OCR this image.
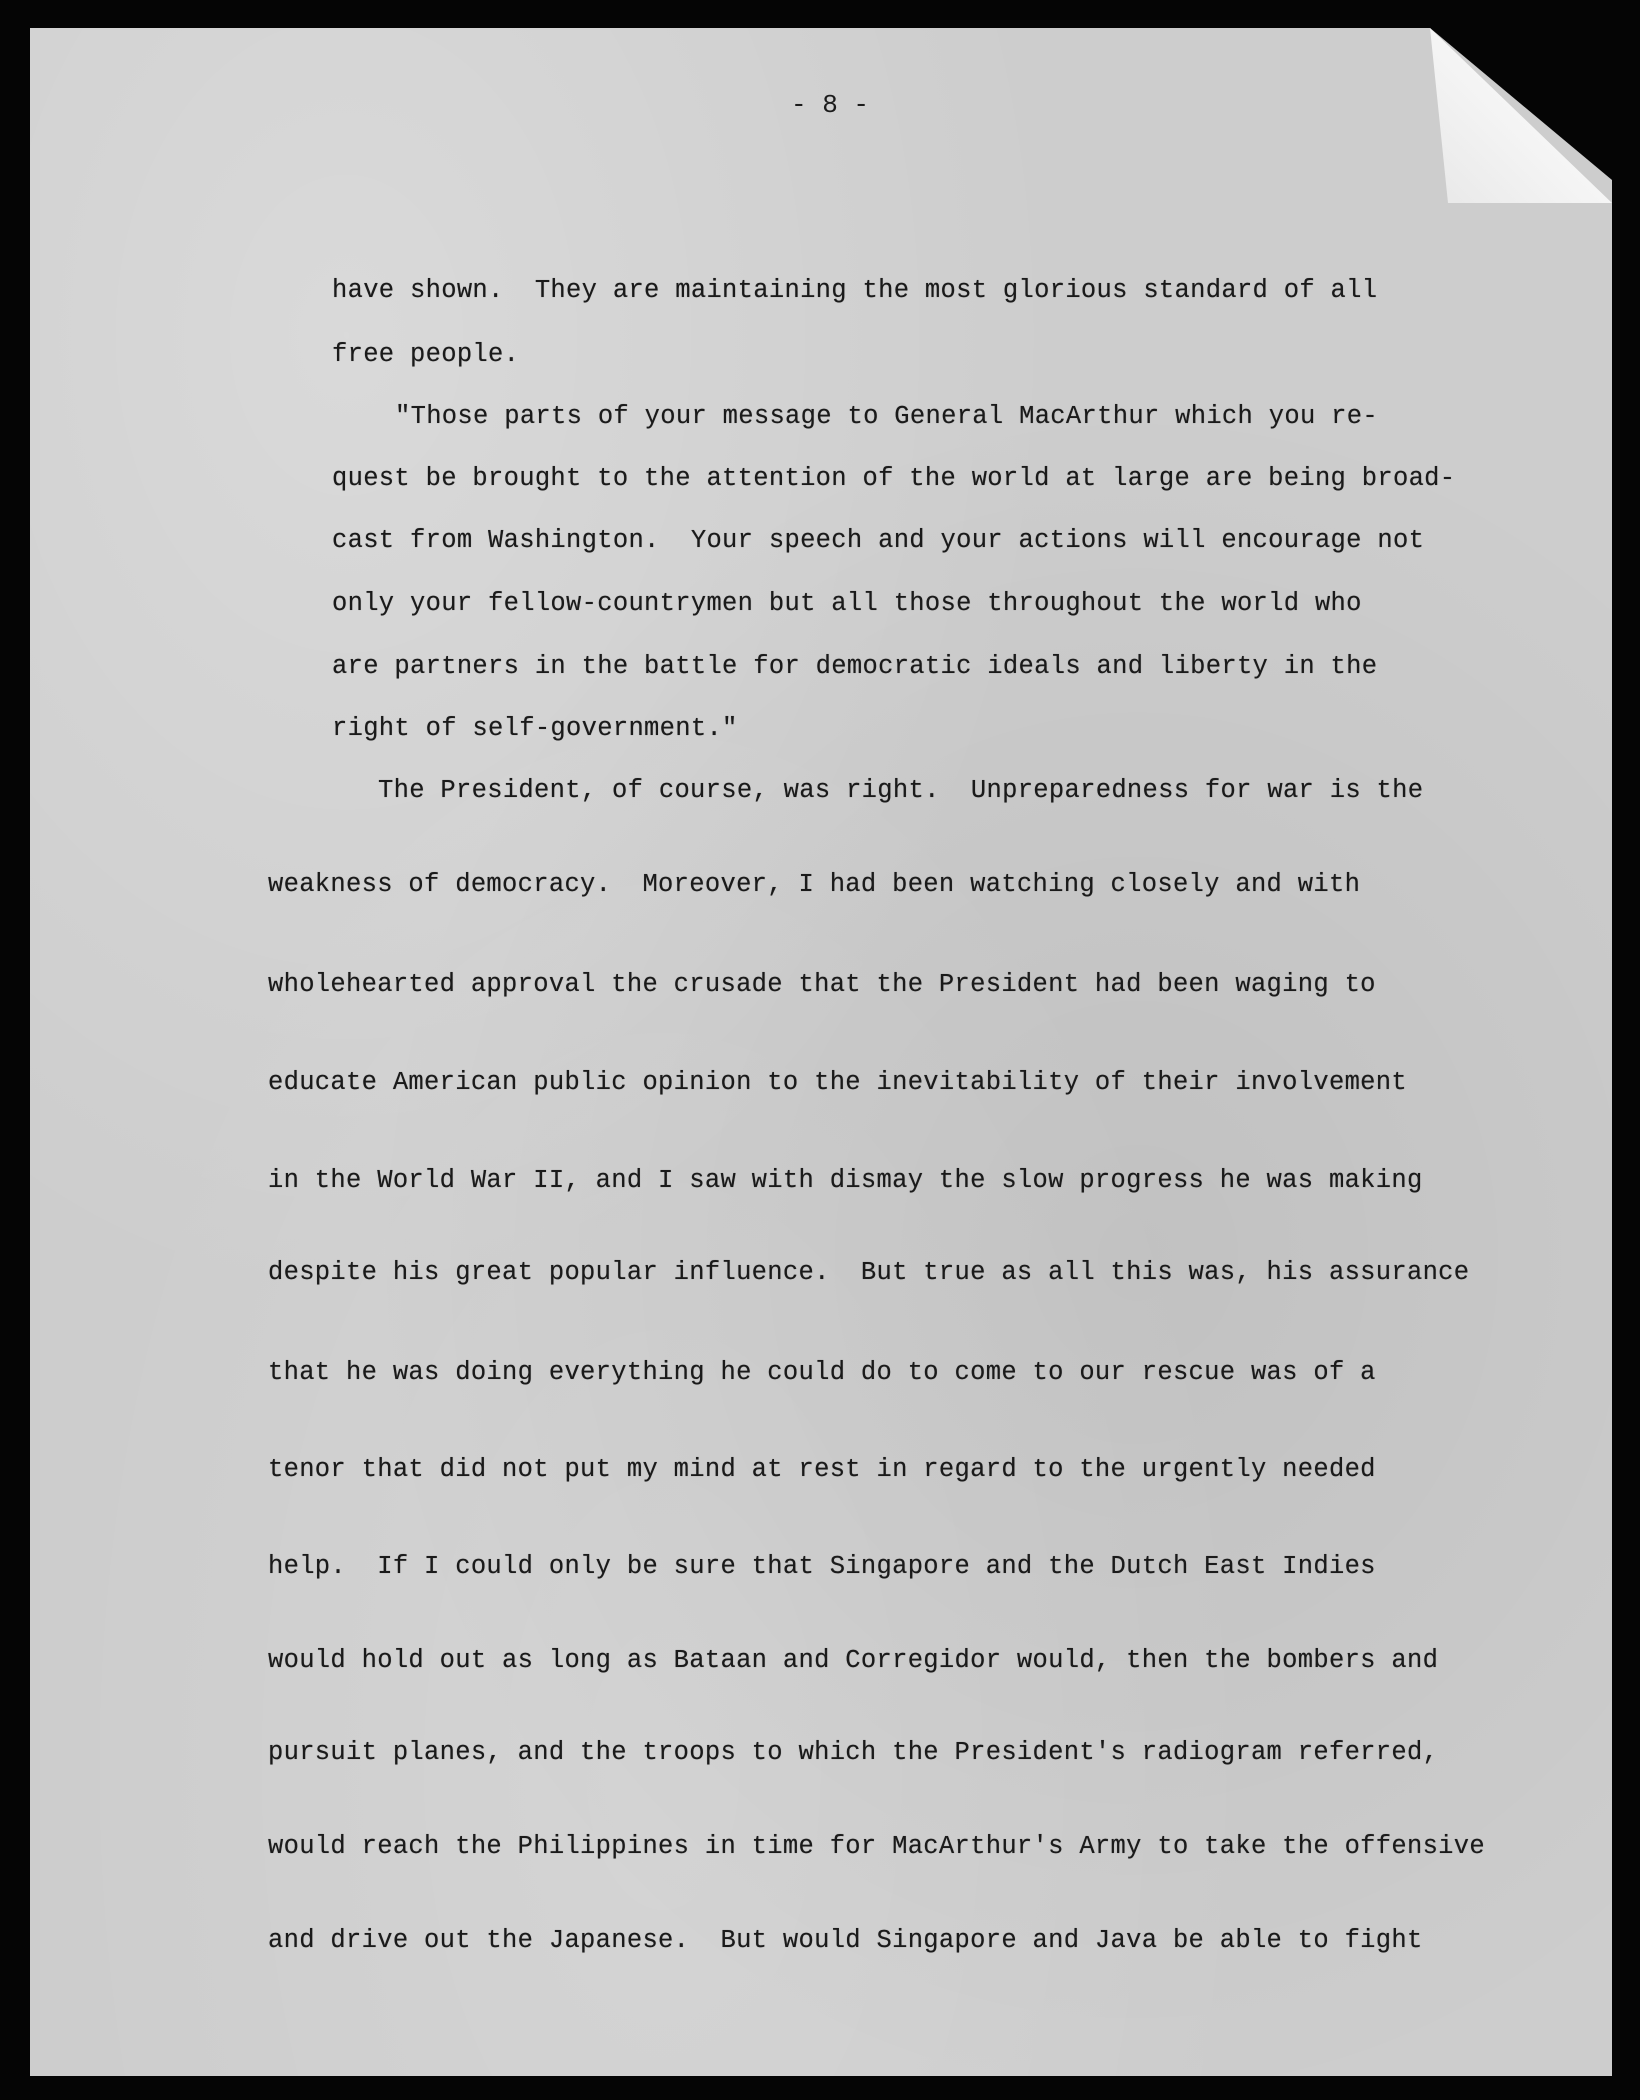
- 8 -
have shown.  They are maintaining the most glorious standard of all
free people.
"Those parts of your message to General MacArthur which you re-
quest be brought to the attention of the world at large are being broad-
cast from Washington.  Your speech and your actions will encourage not
only your fellow-countrymen but all those throughout the world who
are partners in the battle for democratic ideals and liberty in the
right of self-government."
The President, of course, was right.  Unpreparedness for war is the
weakness of democracy.  Moreover, I had been watching closely and with
wholehearted approval the crusade that the President had been waging to
educate American public opinion to the inevitability of their involvement
in the World War II, and I saw with dismay the slow progress he was making
despite his great popular influence.  But true as all this was, his assurance
that he was doing everything he could do to come to our rescue was of a
tenor that did not put my mind at rest in regard to the urgently needed
help.  If I could only be sure that Singapore and the Dutch East Indies
would hold out as long as Bataan and Corregidor would, then the bombers and
pursuit planes, and the troops to which the President's radiogram referred,
would reach the Philippines in time for MacArthur's Army to take the offensive
and drive out the Japanese.  But would Singapore and Java be able to fight
